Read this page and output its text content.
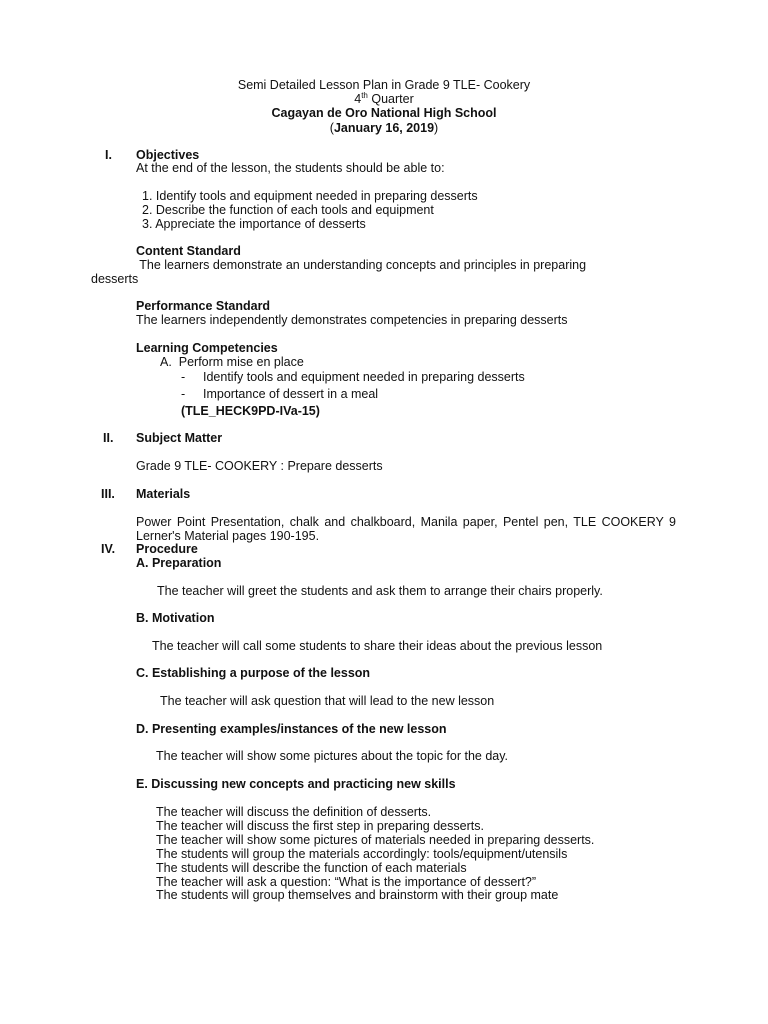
Semi Detailed Lesson Plan in Grade 9 TLE- Cookery
4th Quarter
Cagayan de Oro National High School
(January 16, 2019)
I. Objectives
At the end of the lesson, the students should be able to:
1. Identify tools and equipment needed in preparing desserts
2. Describe the function of each tools and equipment
3. Appreciate the importance of desserts
Content Standard
The learners demonstrate an understanding concepts and principles in preparing
desserts
Performance Standard
The learners independently demonstrates competencies in preparing desserts
Learning Competencies
A.  Perform mise en place
- Identify tools and equipment needed in preparing desserts
- Importance of dessert in a meal
(TLE_HECK9PD-IVa-15)
II. Subject Matter
Grade 9 TLE- COOKERY : Prepare desserts
III. Materials
Power Point Presentation, chalk and chalkboard, Manila paper, Pentel pen, TLE COOKERY 9 Lerner's Material pages 190-195.
IV. Procedure
A. Preparation
The teacher will greet the students and ask them to arrange their chairs properly.
B. Motivation
The teacher will call some students to share their ideas about the previous lesson
C. Establishing a purpose of the lesson
The teacher will ask question that will lead to the new lesson
D. Presenting examples/instances of the new lesson
The teacher will show some pictures about the topic for the day.
E. Discussing new concepts and practicing new skills
The teacher will discuss the definition of desserts.
The teacher will discuss the first step in preparing desserts.
The teacher will show some pictures of materials needed in preparing desserts.
The students will group the materials accordingly: tools/equipment/utensils
The students will describe the function of each materials
The teacher will ask a question: “What is the importance of dessert?”
The students will group themselves and brainstorm with their group mate
